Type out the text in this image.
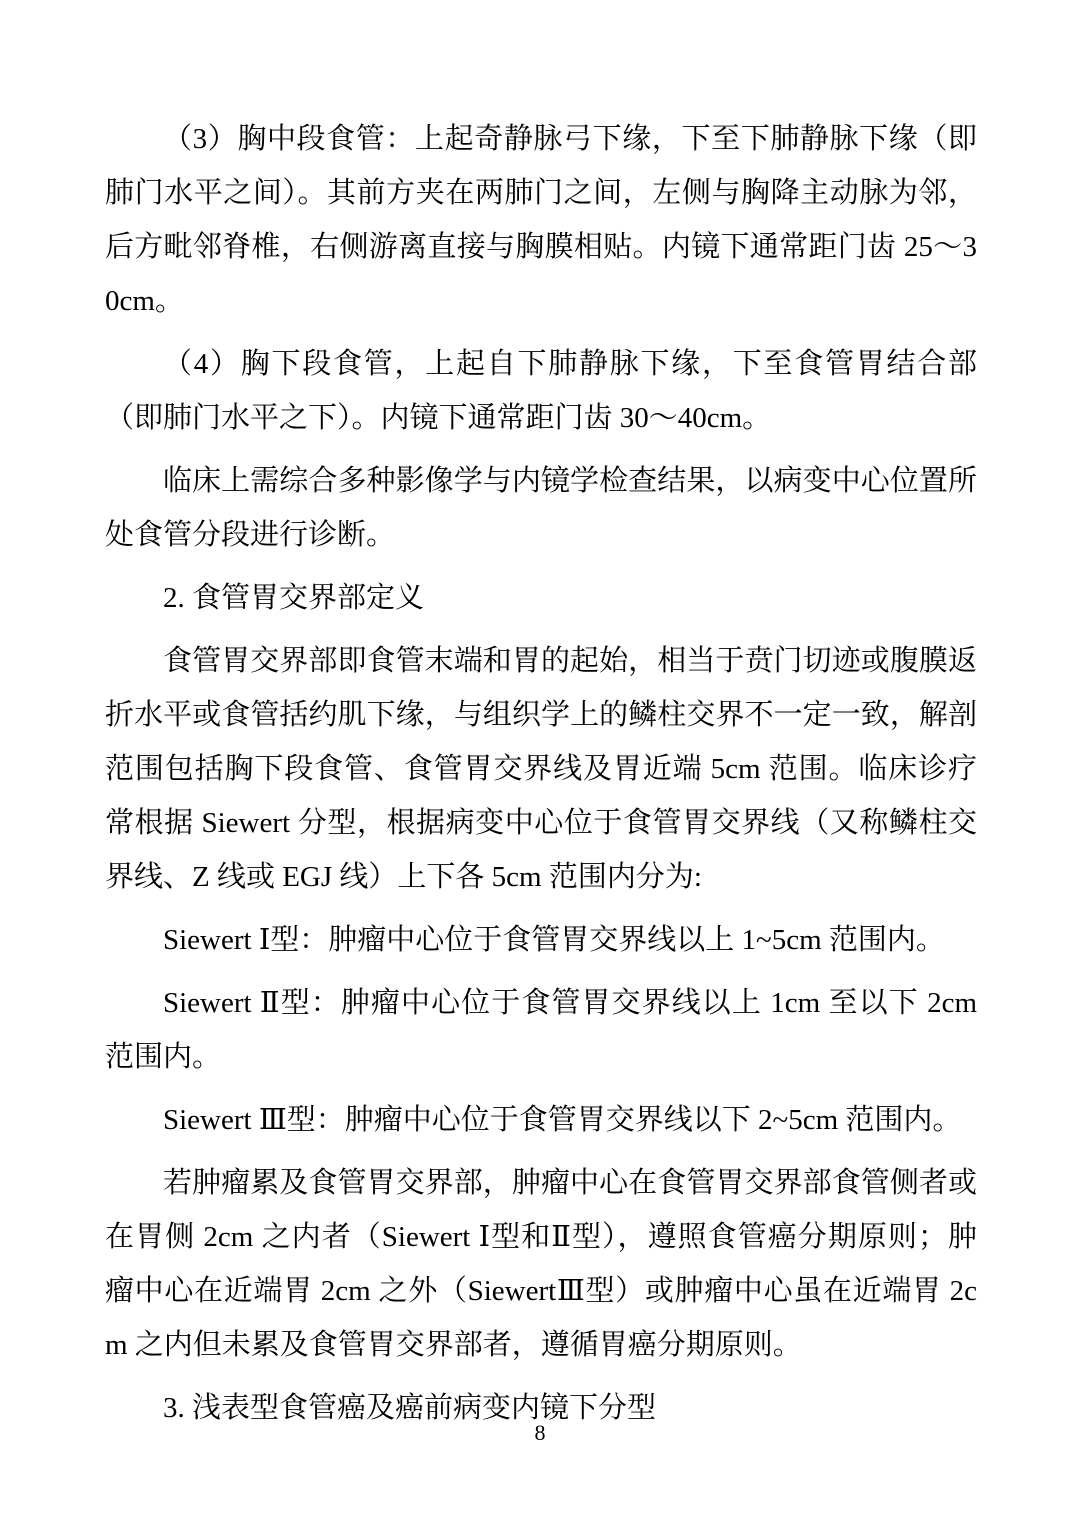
（3）胸中段食管：上起奇静脉弓下缘，下至下肺静脉下缘（即肺门水平之间）。其前方夹在两肺门之间，左侧与胸降主动脉为邻，后方毗邻脊椎，右侧游离直接与胸膜相贴。内镜下通常距门齿 25～30cm。

（4）胸下段食管，上起自下肺静脉下缘，下至食管胃结合部（即肺门水平之下）。内镜下通常距门齿 30～40cm。

临床上需综合多种影像学与内镜学检查结果，以病变中心位置所处食管分段进行诊断。

2. 食管胃交界部定义

食管胃交界部即食管末端和胃的起始，相当于贲门切迹或腹膜返折水平或食管括约肌下缘，与组织学上的鳞柱交界不一定一致，解剖范围包括胸下段食管、食管胃交界线及胃近端 5cm 范围。临床诊疗常根据 Siewert 分型，根据病变中心位于食管胃交界线（又称鳞柱交界线、Z 线或 EGJ 线）上下各 5cm 范围内分为:

Siewert Ⅰ型：肿瘤中心位于食管胃交界线以上 1~5cm 范围内。

Siewert Ⅱ型：肿瘤中心位于食管胃交界线以上 1cm 至以下 2cm 范围内。

Siewert Ⅲ型：肿瘤中心位于食管胃交界线以下 2~5cm 范围内。

若肿瘤累及食管胃交界部，肿瘤中心在食管胃交界部食管侧者或在胃侧 2cm 之内者（Siewert Ⅰ型和Ⅱ型），遵照食管癌分期原则；肿瘤中心在近端胃 2cm 之外（SiewertⅢ型）或肿瘤中心虽在近端胃 2cm 之内但未累及食管胃交界部者，遵循胃癌分期原则。

3. 浅表型食管癌及癌前病变内镜下分型

8
